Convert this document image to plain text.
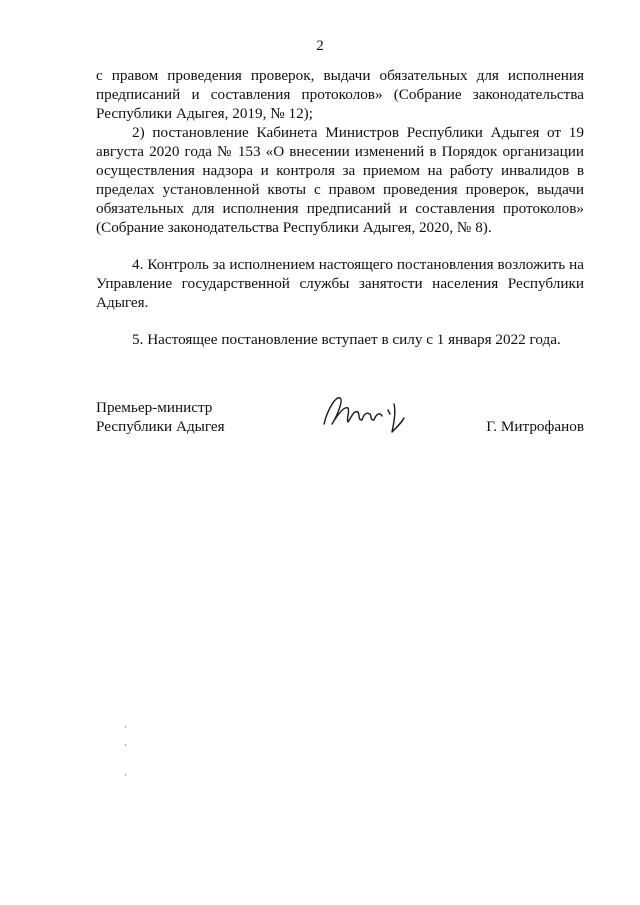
2

с правом проведения проверок, выдачи обязательных для исполнения предписаний и составления протоколов» (Собрание законодательства Республики Адыгея, 2019, № 12);

2) постановление Кабинета Министров Республики Адыгея от 19 августа 2020 года № 153 «О внесении изменений в Порядок организации осуществления надзора и контроля за приемом на работу инвалидов в пределах установленной квоты с правом проведения проверок, выдачи обязательных для исполнения предписаний и составления протоколов» (Собрание законодательства Республики Адыгея, 2020, № 8).

4. Контроль за исполнением настоящего постановления возложить на Управление государственной службы занятости населения Республики Адыгея.

5. Настоящее постановление вступает в силу с 1 января 2022 года.

Премьер-министр
Республики Адыгея	Г. Митрофанов
·
·
·
